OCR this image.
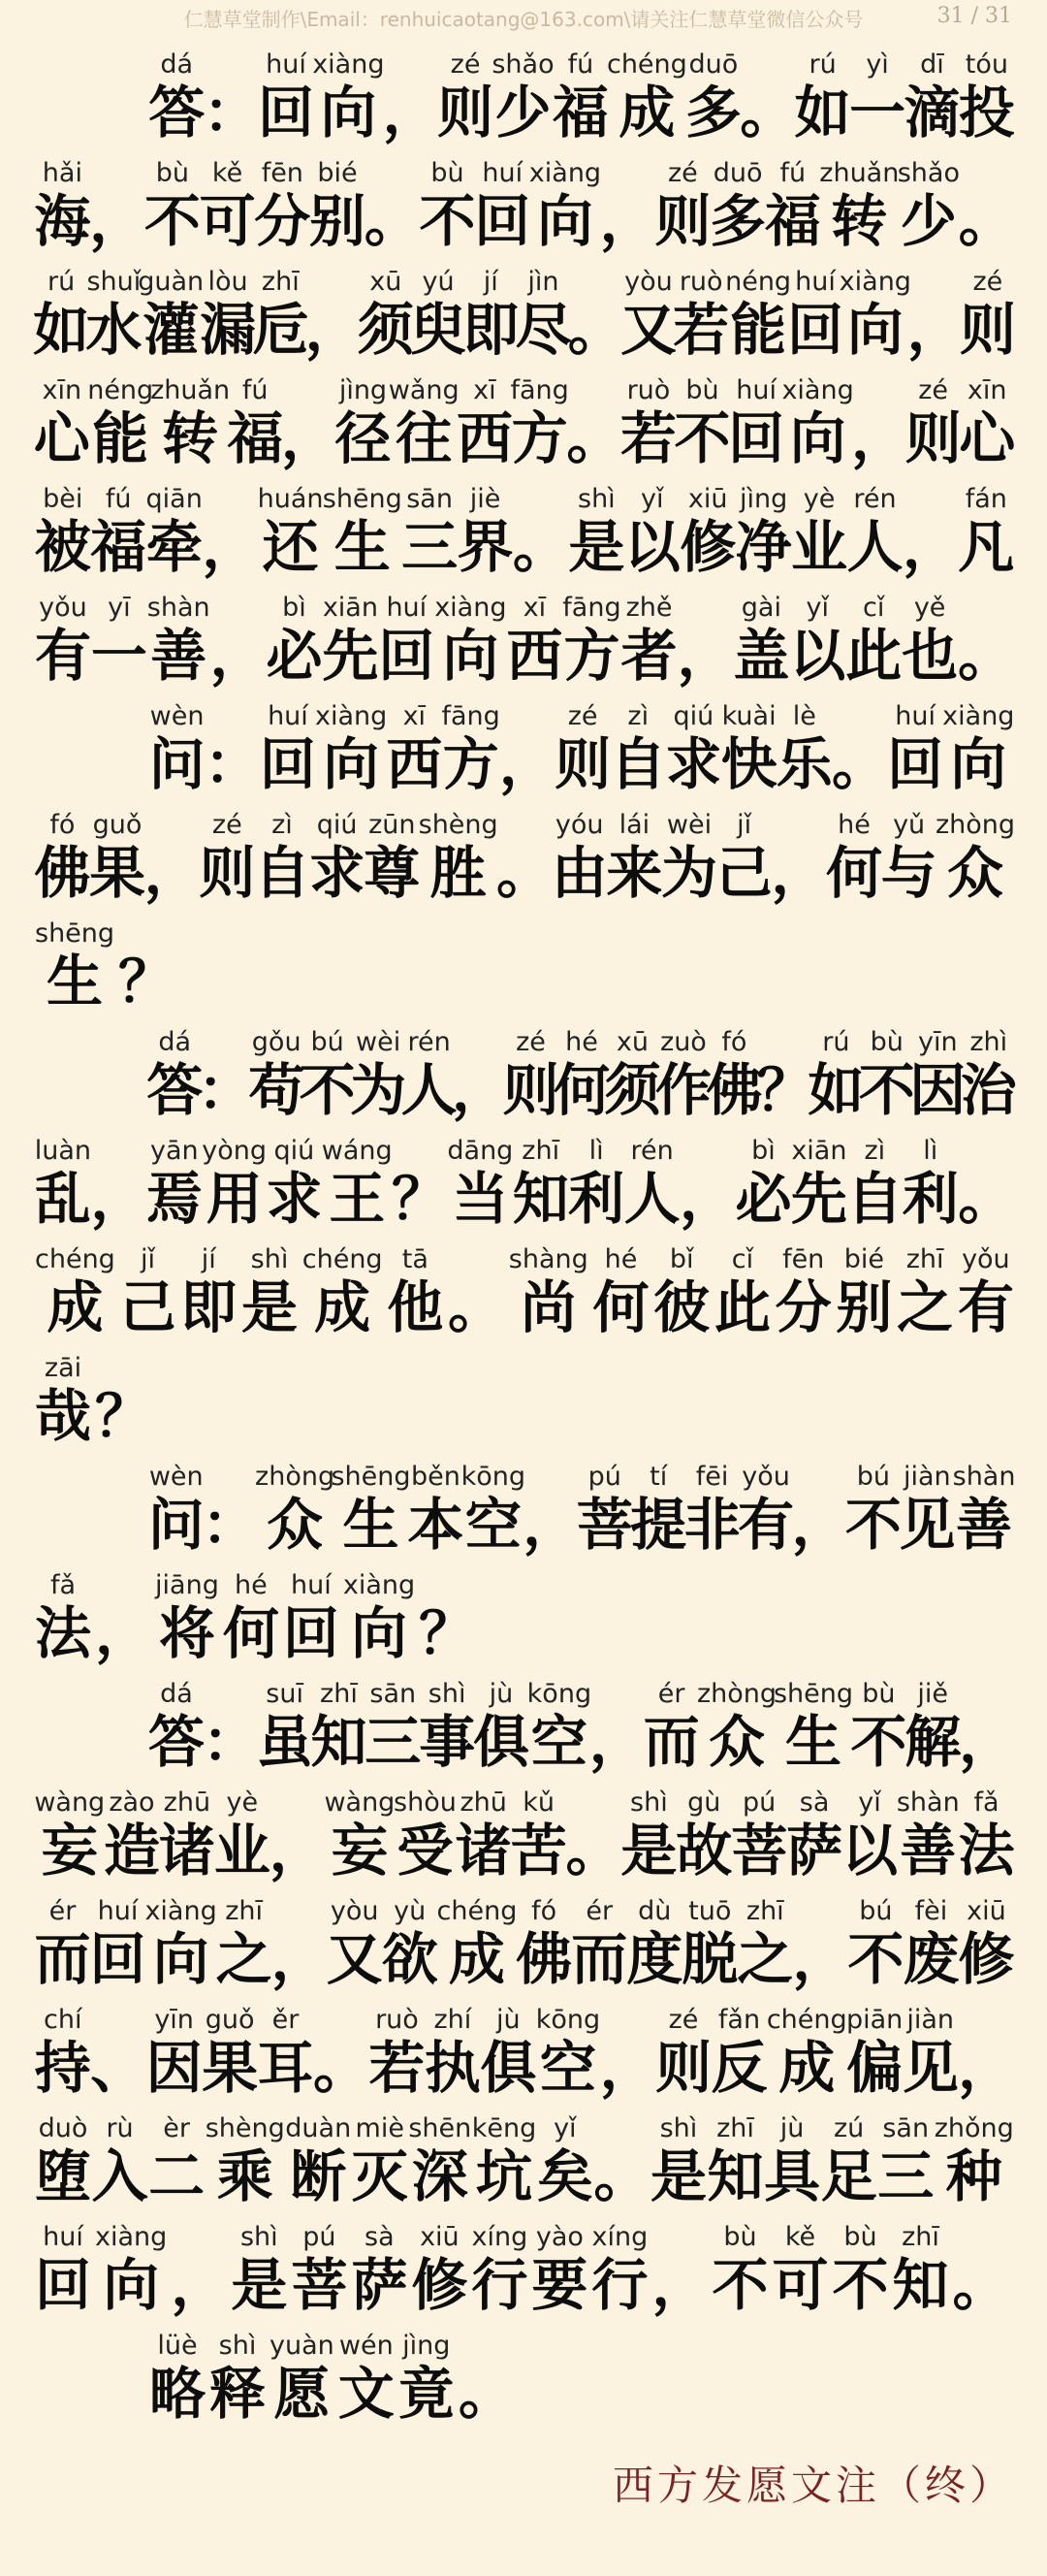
仁慧草堂制作\Email：renhuicaotang@163.com\请关注仁慧草堂微信公众号	31 / 31
dá
答
：
huí
回
xiàng
向 ，
zé
则
shǎo
少
fú
福
chéng
成
duō
多
。
rú
如
yì
一
dī
滴
tóu
投
hǎi
海
，
bù
不
kě
可
fēn
分
bié
别
。
bù
不
huí
回
xiàng
向 ，
zé
则
duō
多
fú
福
zhuǎn
转
shǎo
少 。
rú
如
shuǐ
水
guàn
灌
lòu
漏
zhī
卮
，
xū
须
yú
臾
jí
即
jìn
尽
。
yòu
又
ruò
若
néng
能
huí
回
xiàng
向 ，
zé
则
xīn
心
néng
能
zhuǎn
转
fú
福
，
jìng
径
wǎng
往
xī
西
fāng
方
。
ruò
若
bù
不
huí
回
xiàng
向 ，
zé
则
xīn
心
bèi
被
fú
福
qiān
牵 ，
huán
还
shēng
生
sān
三
jiè
界 。
shì
是
yǐ
以
xiū
修
jìng
净
yè
业
rén
人 ，
fán
凡
yǒu
有
yī
一
shàn
善 ，
bì
必
xiān
先
huí
回
xiàng
向
xī
西
fāng
方
zhě
者 ，
gài
盖
yǐ
以
cǐ
此
yě
也 。
wèn
问 ：
huí
回
xiàng
向
xī
西
fāng
方 ，
zé
则
zì
自
qiú
求
kuài
快
lè
乐 。
huí
回
xiàng
向
fó
佛
guǒ
果
，
zé
则
zì
自
qiú
求
zūn
尊
shèng
胜 。
yóu
由
lái
来
wèi
为
jǐ
己
，
hé
何
yǔ
与
zhòng
众
shēng
生 ？
dá
答
：
gǒu
苟
bú
不
wèi
为
rén
人
，
zé
则
hé
何
xū
须
zuò
作
fó
佛
？
rú
如
bù
不
yīn
因
zhì
治
luàn
乱 ，
yān
焉
yòng
用
qiú
求
wáng
王 ？
dāng
当
zhī
知
lì
利
rén
人 ，
bì
必
xiān
先
zì
自
lì
利 。
chéng
成
jǐ
己
jí
即
shì
是
chéng
成
tā
他 。
shàng
尚
hé
何
bǐ
彼
cǐ
此
fēn
分
bié
别
zhī
之
yǒu
有
zāi
哉 ？
wèn
问
：
zhòng
众
shēng
生
běn
本
kōng
空 ，
pú
菩
tí
提
fēi
非
yǒu
有
，
bú
不
jiàn
见
shàn
善
fǎ
法 ，
jiāng
将
hé
何
huí
回
xiàng
向 ？
dá
答
：
suī
虽
zhī
知
sān
三
shì
事
jù
俱
kōng
空 ，
ér
而
zhòng
众
shēng
生
bù
不
jiě
解
，
wàng
妄
zào
造
zhū
诸
yè
业
，
wàng
妄
shòu
受
zhū
诸
kǔ
苦
。
shì
是
gù
故
pú
菩
sà
萨
yǐ
以
shàn
善
fǎ
法
ér
而
huí
回
xiàng
向
zhī
之 ，
yòu
又
yù
欲
chéng
成
fó
佛
ér
而
dù
度
tuō
脱
zhī
之 ，
bú
不
fèi
废
xiū
修
chí
持 、
yīn
因
guǒ
果
ěr
耳 。
ruò
若
zhí
执
jù
俱
kōng
空 ，
zé
则
fǎn
反
chéng
成
piān
偏
jiàn
见 ，
duò
堕
rù
入
èr
二
shèng
乘
duàn
断
miè
灭
shēn
深
kēng
坑
yǐ
矣 。
shì
是
zhī
知
jù
具
zú
足
sān
三
zhǒng
种
huí
回
xiàng
向 ，
shì
是
pú
菩
sà
萨
xiū
修
xíng
行
yào
要
xíng
行 ，
bù
不
kě
可
bù
不
zhī
知 。
lüè
略
shì
释
yuàn
愿
wén
文
jìng
竟 。
西方发愿文注（终）
